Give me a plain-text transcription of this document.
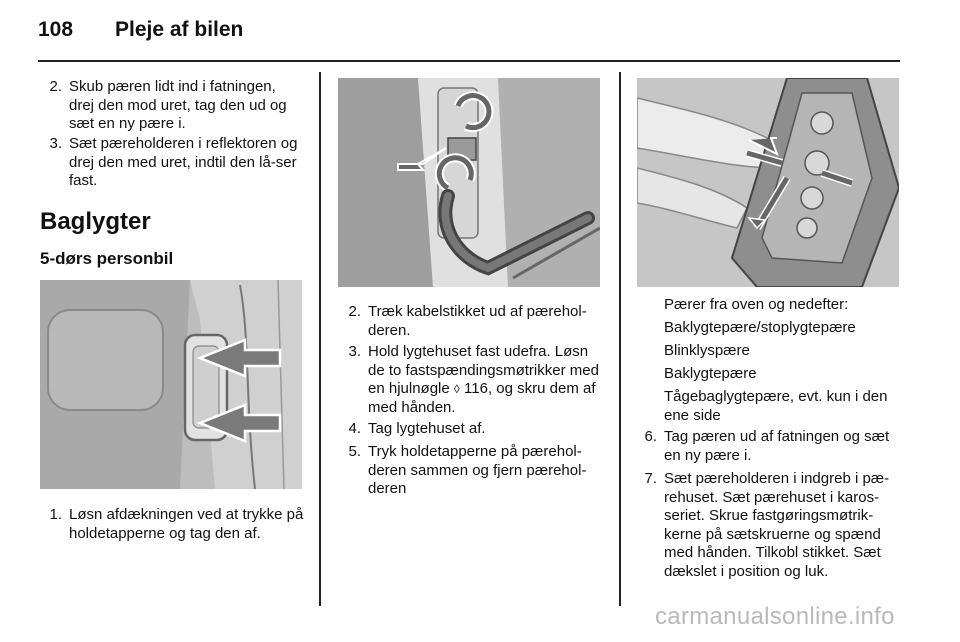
108 Pleje af bilen
2. Skub pæren lidt ind i fatningen, drej den mod uret, tag den ud og sæt en ny pære i.
3. Sæt pæreholderen i reflektoren og drej den med uret, indtil den lå-ser fast.
Baglygter
5-dørs personbil
1. Løsn afdækningen ved at trykke på holdetapperne og tag den af.
2. Træk kabelstikket ud af pærehol-deren.
3. Hold lygtehuset fast udefra. Løsn de to fastspændingsmøtrikker med en hjulnøgle ◊ 116, og skru dem af med hånden.
4. Tag lygtehuset af.
5. Tryk holdetapperne på pærehol-deren sammen og fjern pærehol-deren
Pærer fra oven og nedefter:
Baklygtepære/stoplygtepære
Blinklyspære
Baklygtepære
Tågebaglygtepære, evt. kun i den ene side
6. Tag pæren ud af fatningen og sæt en ny pære i.
7. Sæt pæreholderen i indgreb i pæ-rehuset. Sæt pærehuset i karos-seriet. Skrue fastgøringsmøtrik-kerne på sætskruerne og spænd med hånden. Tilkobl stikket. Sæt dækslet i position og luk.
carmanualsonline.info
